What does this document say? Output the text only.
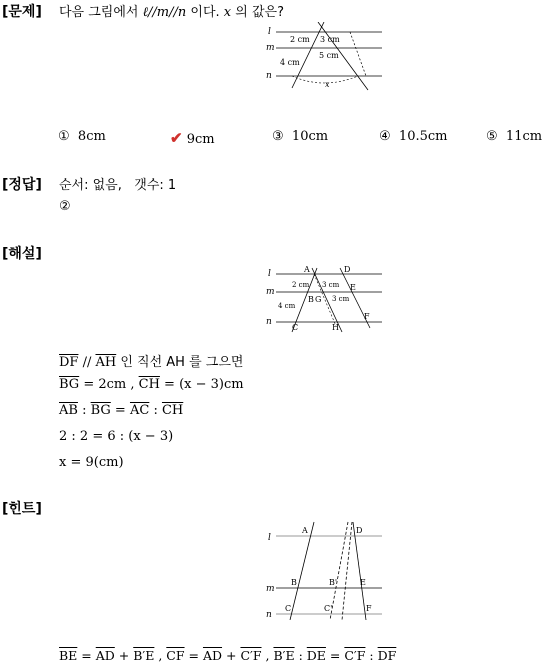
[문제] 다음 그림에서 ℓ//m//n 이다. x 의 값은?
l
m
n
2 cm 3 cm
4 cm
5 cm
x
① 8cm	✔ 9cm	③ 10cm	④ 10.5cm	⑤ 11cm
[정답] 순서: 없음,   갯수: 1
②
[해설]
l
m
n
A	D
B G
E
C	H
F
2 cm 3 cm
4 cm
3 cm
$\overline{DF} // \overline{AH}$ 인 직선 AH 를 그으면
$\overline{BG} = 2cm$ , $\overline{CH} = (x - 3)cm$
$\overline{AB}$ : $\overline{BG} = \overline{AC}$ : $\overline{CH}$
2 : 2 = 6 : (x − 3)
x = 9(cm)
[힌트]
l
m
n
A	D
B	B'	E
C	C'	F
$\overline{BE} = \overline{AD} + B'E$ , $\overline{CF} = \overline{AD} + C'F$ , B′E : $\overline{DE} = C'F$ : $\overline{DF}$
